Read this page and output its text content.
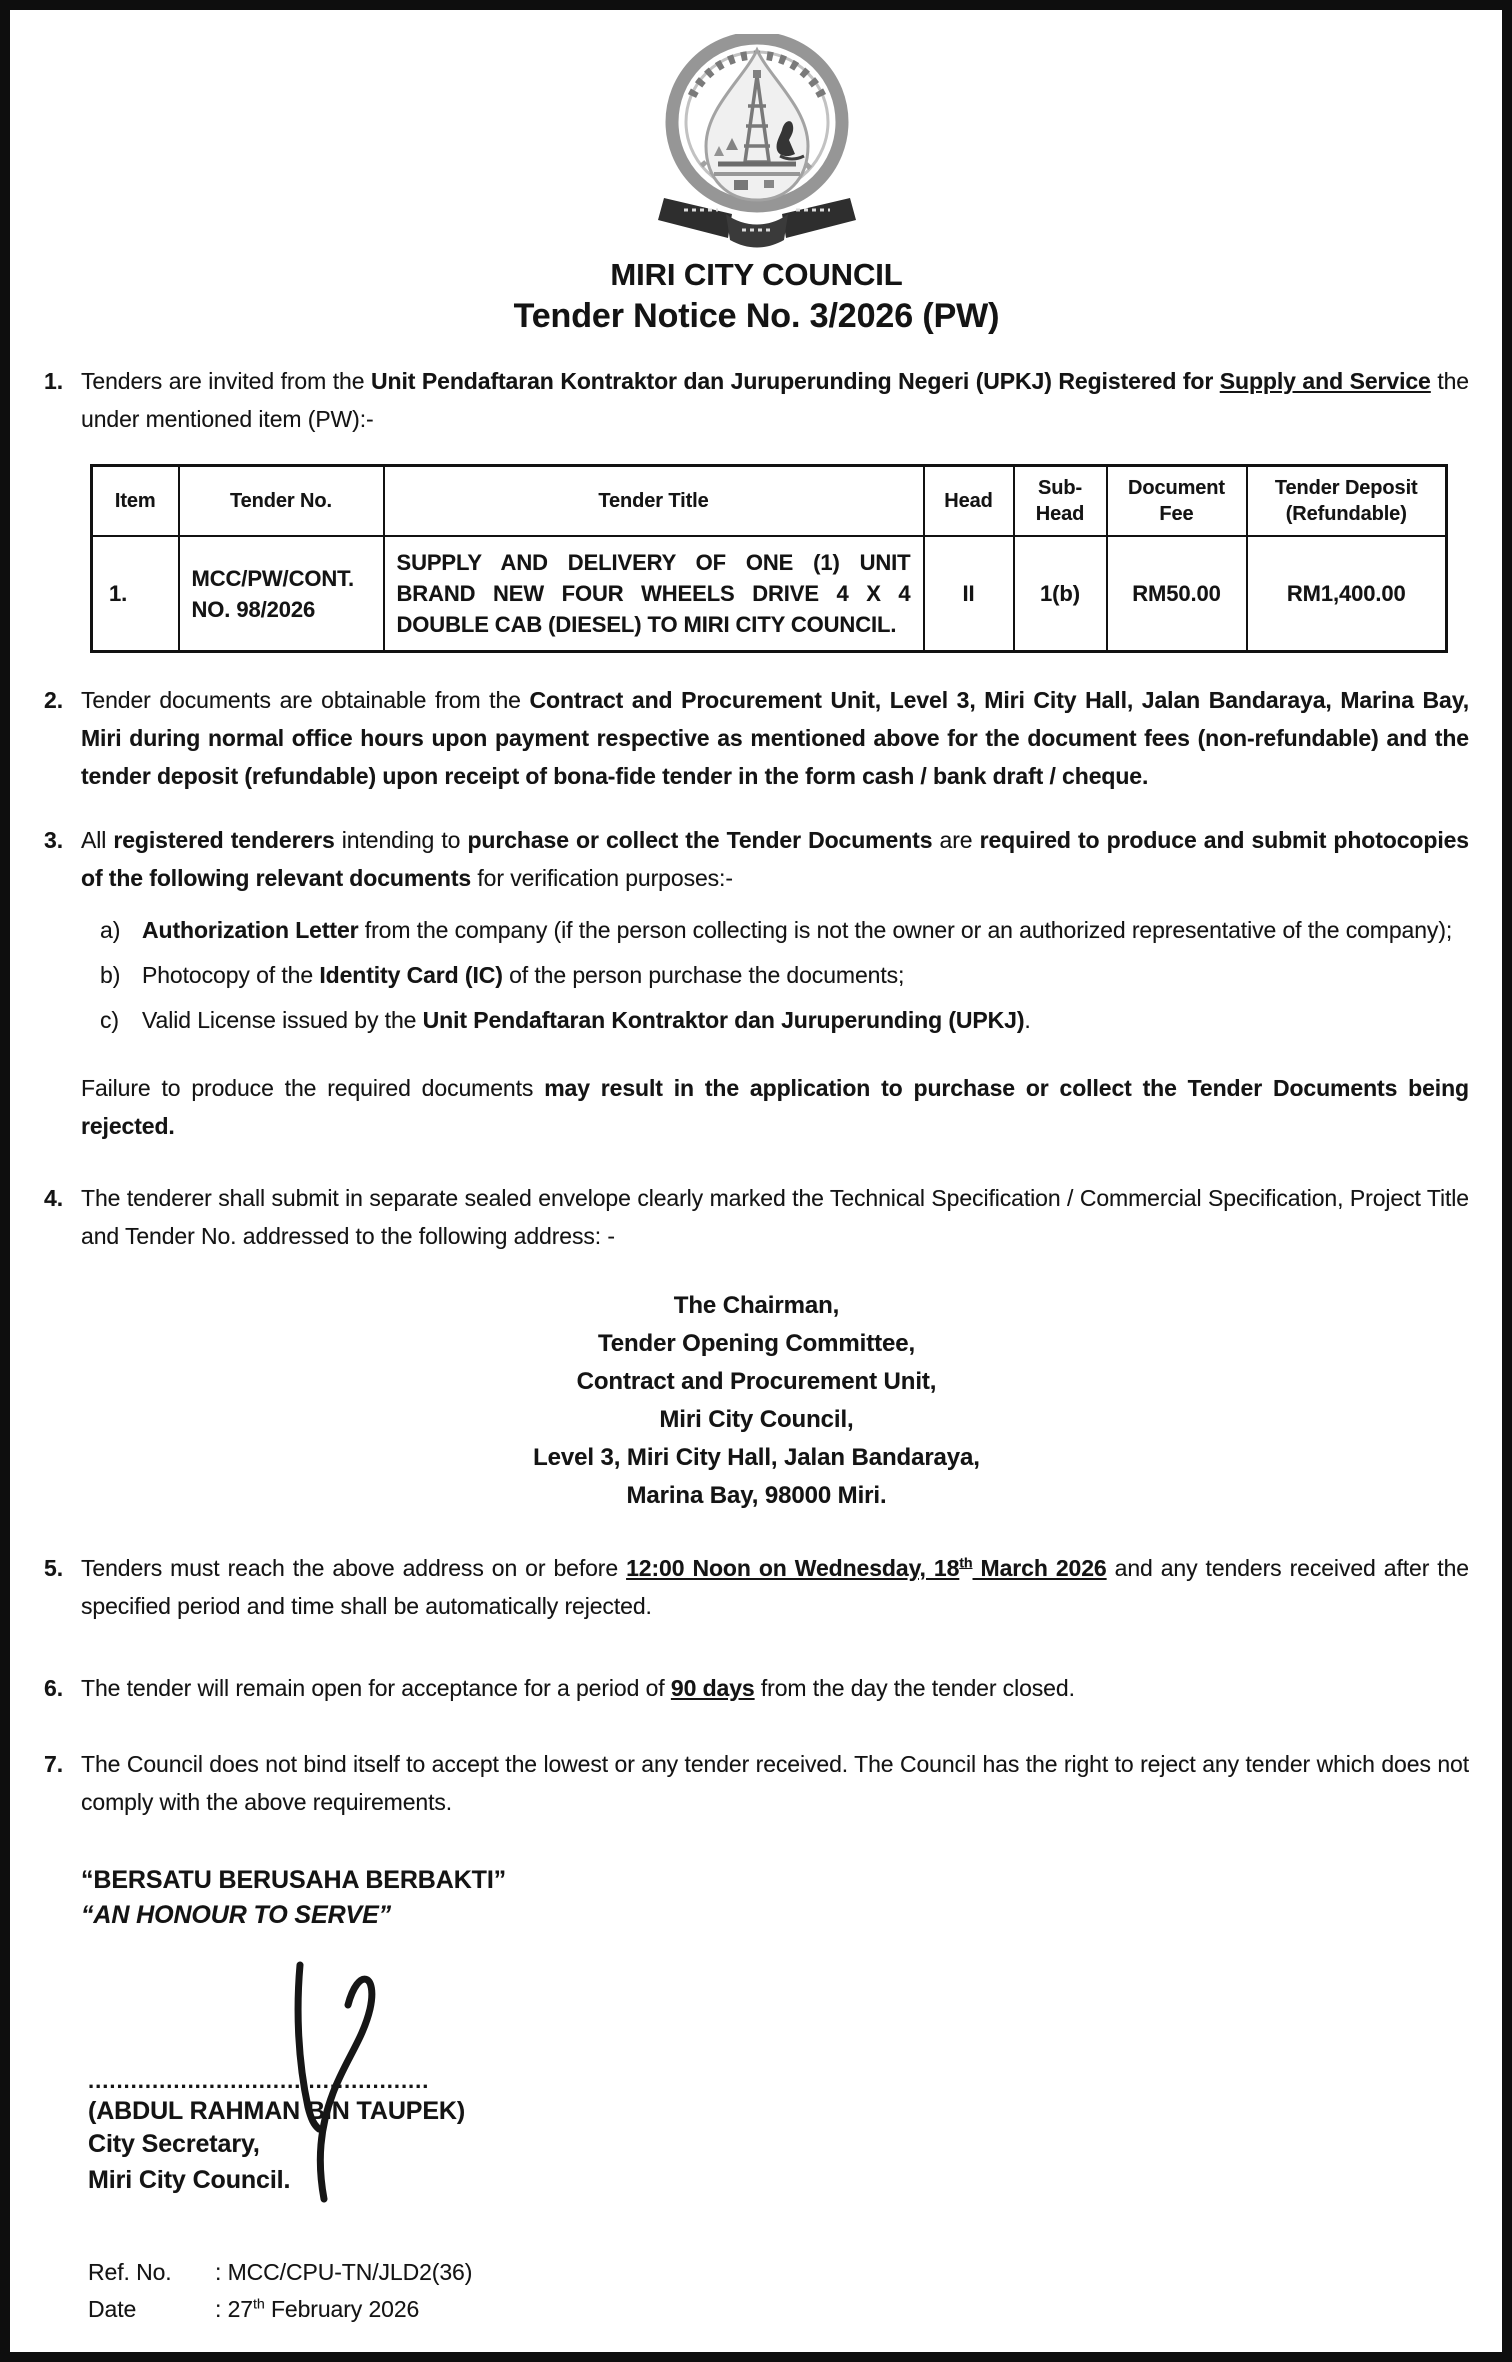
MIRI CITY COUNCIL
Tender Notice No. 3/2026 (PW)
1. Tenders are invited from the Unit Pendaftaran Kontraktor dan Juruperunding Negeri (UPKJ) Registered for Supply and Service the under mentioned item (PW):-

Item	Tender No.	Tender Title	Head	Sub-Head	Document Fee	Tender Deposit (Refundable)
1.	MCC/PW/CONT. NO. 98/2026	SUPPLY AND DELIVERY OF ONE (1) UNIT BRAND NEW FOUR WHEELS DRIVE 4 X 4 DOUBLE CAB (DIESEL) TO MIRI CITY COUNCIL.	II	1(b)	RM50.00	RM1,400.00
2. Tender documents are obtainable from the Contract and Procurement Unit, Level 3, Miri City Hall, Jalan Bandaraya, Marina Bay, Miri during normal office hours upon payment respective as mentioned above for the document fees (non-refundable) and the tender deposit (refundable) upon receipt of bona-fide tender in the form cash / bank draft / cheque.

3. All registered tenderers intending to purchase or collect the Tender Documents are required to produce and submit photocopies of the following relevant documents for verification purposes:-

a) Authorization Letter from the company (if the person collecting is not the owner or an authorized representative of the company);

b) Photocopy of the Identity Card (IC) of the person purchase the documents;

c)	Valid License issued by the Unit Pendaftaran Kontraktor dan Juruperunding (UPKJ).

Failure to produce the required documents may result in the application to purchase or collect the Tender Documents being rejected.

4. The tenderer shall submit in separate sealed envelope clearly marked the Technical Specification / Commercial Specification, Project Title and Tender No. addressed to the following address: -

The Chairman,
Tender Opening Committee,
Contract and Procurement Unit,
Miri City Council,
Level 3, Miri City Hall, Jalan Bandaraya,
Marina Bay, 98000 Miri.
5. Tenders must reach the above address on or before 12:00 Noon on Wednesday, 18th March 2026 and any tenders received after the specified period and time shall be automatically rejected.

6. The tender will remain open for acceptance for a period of 90 days from the day the tender closed.

7. The Council does not bind itself to accept the lowest or any tender received. The Council has the right to reject any tender which does not comply with the above requirements.

“BERSATU BERUSAHA BERBAKTI”
“AN HONOUR TO SERVE”
................................................
(ABDUL RAHMAN BIN TAUPEK)
City Secretary,
Miri City Council.
Ref. No.	: MCC/CPU-TN/JLD2(36)
Date	: 27th February 2026
